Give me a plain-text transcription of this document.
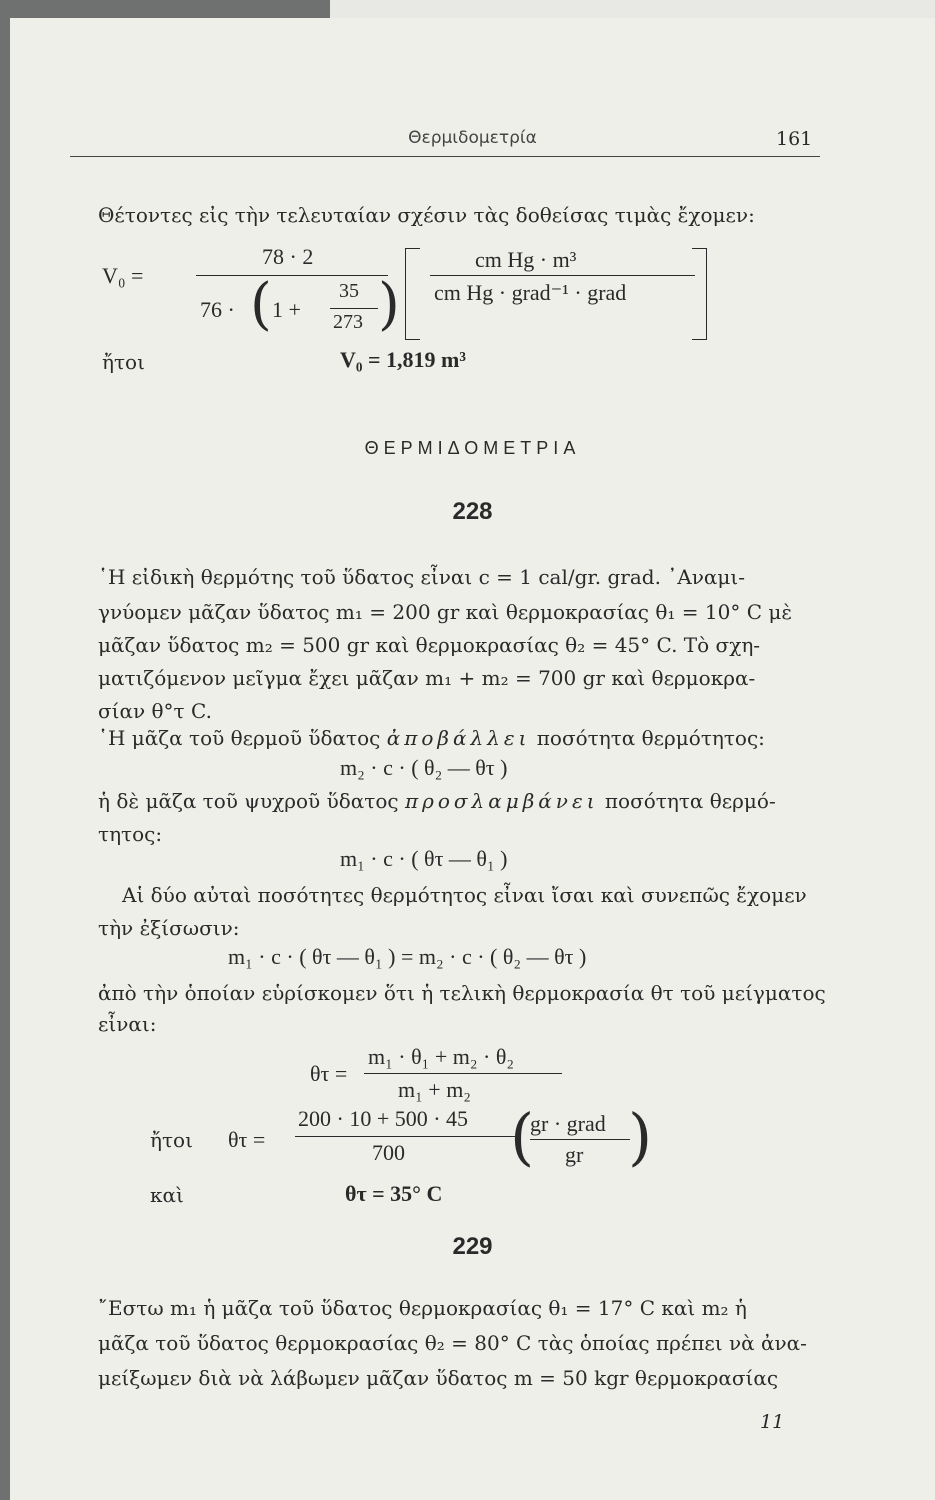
Θερμιδομετρία	161
Θέτοντες εἰς τὴν τελευταίαν σχέσιν τὰς δοθείσας τιμὰς ἔχομεν:
V₀ =
78 · 2
76 · ( 1 +
35
273 )
cm Hg · m³
cm Hg · grad⁻¹ · grad
ἤτοι	V₀ = 1,819 m³
ΘΕΡΜΙΔΟΜΕΤΡΙΑ
228
῾Η εἰδικὴ θερμότης τοῦ ὕδατος εἶναι c = 1 cal/gr. grad. ᾿Αναμι-
γνύομεν μᾶζαν ὕδατος m₁ = 200 gr καὶ θερμοκρασίας θ₁ = 10° C μὲ
μᾶζαν ὕδατος m₂ = 500 gr καὶ θερμοκρασίας θ₂ = 45° C. Τὸ σχη-
ματιζόμενον μεῖγμα ἔχει μᾶζαν m₁ + m₂ = 700 gr καὶ θερμοκρα-
σίαν θ°τ C.
῾Η μᾶζα τοῦ θερμοῦ ὕδατος ἀποβάλλει ποσότητα θερμότητος:
m₂ · c · ( θ₂ — θτ )
ἡ δὲ μᾶζα τοῦ ψυχροῦ ὕδατος προσλαμβάνει ποσότητα θερμό-
τητος:
m₁ · c · ( θτ — θ₁ )
Αἱ δύο αὐταὶ ποσότητες θερμότητος εἶναι ἴσαι καὶ συνεπῶς ἔχομεν
τὴν ἐξίσωσιν:
m₁ · c · ( θτ — θ₁ ) = m₂ · c · ( θ₂ — θτ )
ἀπὸ τὴν ὁποίαν εὑρίσκομεν ὅτι ἡ τελικὴ θερμοκρασία θτ τοῦ μείγματος
εἶναι:
θτ =
m₁ · θ₁ + m₂ · θ₂
m₁ + m₂
ἤτοι θτ =
200 · 10 + 500 · 45
700 (
gr · grad
gr )
καὶ	θτ = 35° C
229
῎Εστω m₁ ἡ μᾶζα τοῦ ὕδατος θερμοκρασίας θ₁ = 17° C καὶ m₂ ἡ
μᾶζα τοῦ ὕδατος θερμοκρασίας θ₂ = 80° C τὰς ὁποίας πρέπει νὰ ἀνα-
μείξωμεν διὰ νὰ λάβωμεν μᾶζαν ὕδατος m = 50 kgr θερμοκρασίας
11
